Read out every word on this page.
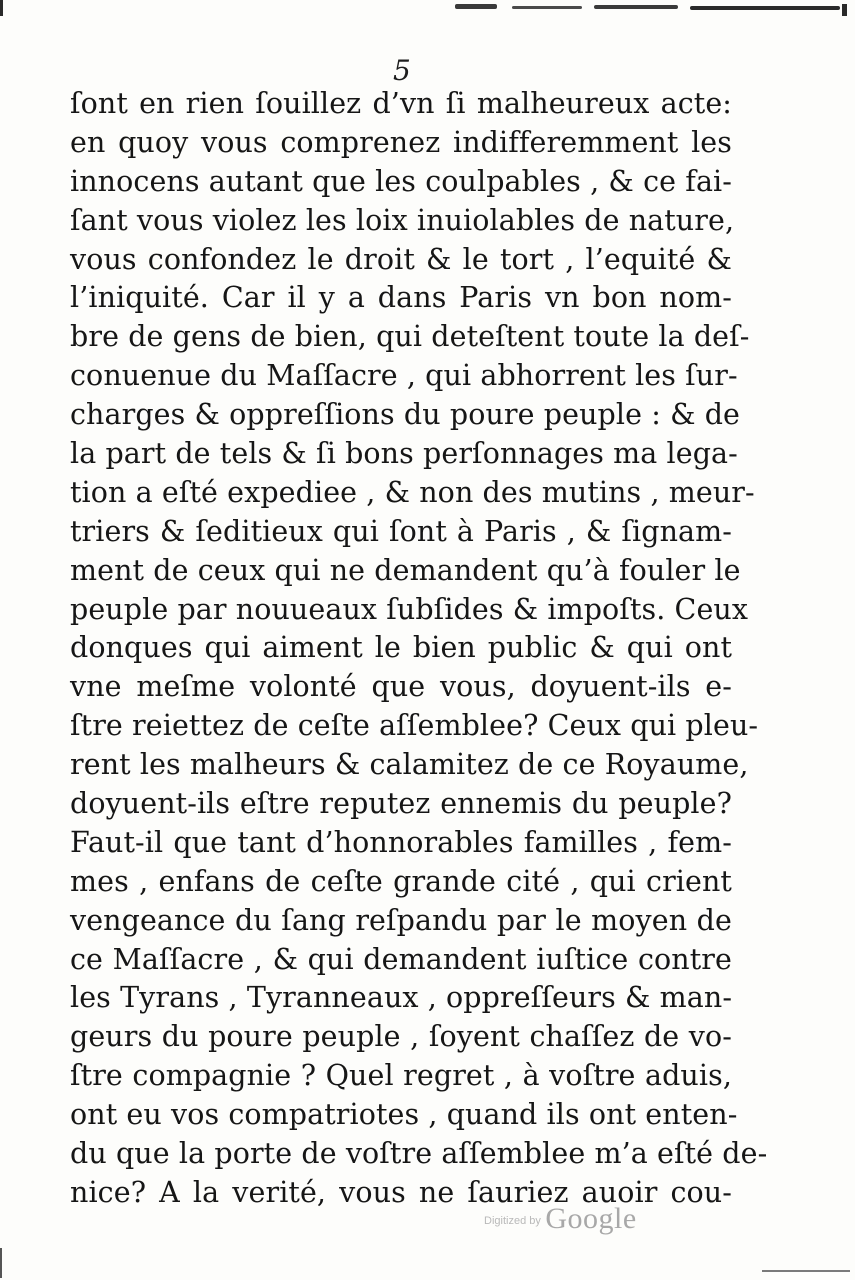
5
ſont en rien ſouillez d’vn ſi malheureux acte:
en quoy vous comprenez indifferemment les
innocens autant que les coulpables , & ce fai-
ſant vous violez les loix inuiolables de nature,
vous confondez le droit & le tort , l’equité &
l’iniquité. Car il y a dans Paris vn bon nom-
bre de gens de bien, qui deteſtent toute la deſ-
conuenue du Maſſacre , qui abhorrent les ſur-
charges & oppreſſions du poure peuple : & de
la part de tels & ſi bons perſonnages ma lega-
tion a eſté expediee , & non des mutins , meur-
triers & ſeditieux qui ſont à Paris , & ſignam-
ment de ceux qui ne demandent qu’à fouler le
peuple par nouueaux ſubſides & impoſts. Ceux
donques qui aiment le bien public & qui ont
vne meſme volonté que vous, doyuent-ils e-
ſtre reiettez de ceſte aſſemblee? Ceux qui pleu-
rent les malheurs & calamitez de ce Royaume,
doyuent-ils eſtre reputez ennemis du peuple?
Faut-il que tant d’honnorables familles , fem-
mes , enfans de ceſte grande cité , qui crient
vengeance du ſang reſpandu par le moyen de
ce Maſſacre , & qui demandent iuſtice contre
les Tyrans , Tyranneaux , oppreſſeurs & man-
geurs du poure peuple , ſoyent chaſſez de vo-
ſtre compagnie ? Quel regret , à voſtre aduis,
ont eu vos compatriotes , quand ils ont enten-
du que la porte de voſtre aſſemblee m’a eſté de-
nice? A la verité, vous ne ſauriez auoir cou-
$^{Digitized by}$ Google
